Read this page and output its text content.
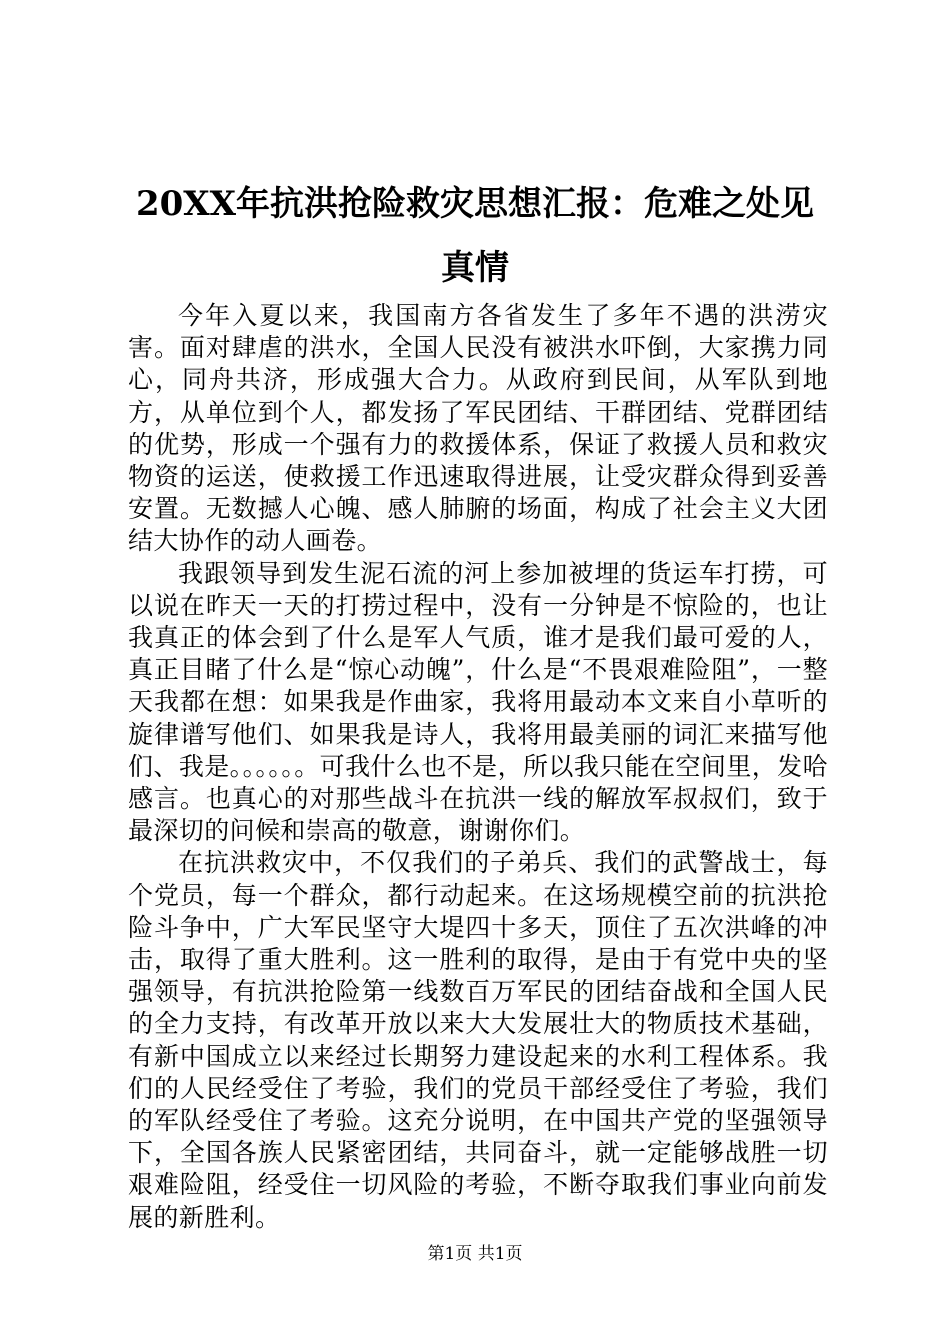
20XX年抗洪抢险救灾思想汇报：危难之处见真情

今年入夏以来，我国南方各省发生了多年不遇的洪涝灾害。面对肆虐的洪水，全国人民没有被洪水吓倒，大家携力同心，同舟共济，形成强大合力。从政府到民间，从军队到地方，从单位到个人，都发扬了军民团结、干群团结、党群团结的优势，形成一个强有力的救援体系，保证了救援人员和救灾物资的运送，使救援工作迅速取得进展，让受灾群众得到妥善安置。无数撼人心魄、感人肺腑的场面，构成了社会主义大团结大协作的动人画卷。

我跟领导到发生泥石流的河上参加被埋的货运车打捞，可以说在昨天一天的打捞过程中，没有一分钟是不惊险的，也让我真正的体会到了什么是军人气质，谁才是我们最可爱的人，真正目睹了什么是“惊心动魄”，什么是“不畏艰难险阻”，一整天我都在想：如果我是作曲家，我将用最动本文来自小草听的旋律谱写他们、如果我是诗人，我将用最美丽的词汇来描写他们、我是。。。。。。可我什么也不是，所以我只能在空间里，发哈感言。也真心的对那些战斗在抗洪一线的解放军叔叔们，致于最深切的问候和崇高的敬意，谢谢你们。

在抗洪救灾中，不仅我们的子弟兵、我们的武警战士，每个党员，每一个群众，都行动起来。在这场规模空前的抗洪抢险斗争中，广大军民坚守大堤四十多天，顶住了五次洪峰的冲击，取得了重大胜利。这一胜利的取得，是由于有党中央的坚强领导，有抗洪抢险第一线数百万军民的团结奋战和全国人民的全力支持，有改革开放以来大大发展壮大的物质技术基础，有新中国成立以来经过长期努力建设起来的水利工程体系。我们的人民经受住了考验，我们的党员干部经受住了考验，我们的军队经受住了考验。这充分说明，在中国共产党的坚强领导下，全国各族人民紧密团结，共同奋斗，就一定能够战胜一切艰难险阻，经受住一切风险的考验，不断夺取我们事业向前发展的新胜利。

第1页 共1页
